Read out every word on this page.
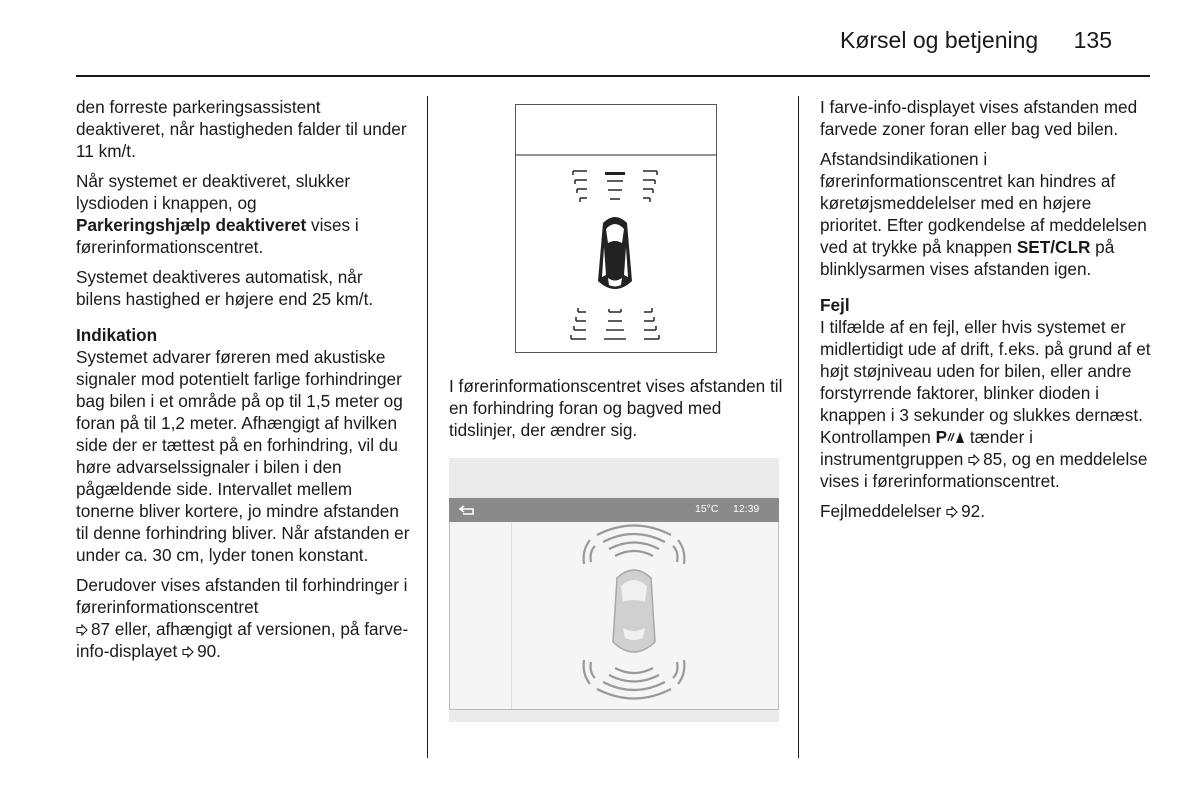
Kørsel og betjening 135

den forreste parkeringsassistent deaktiveret, når hastigheden falder til under 11 km/t.

Når systemet er deaktiveret, slukker lysdioden i knappen, og
Parkeringshjælp deaktiveret vises i førerinformationscentret.

Systemet deaktiveres automatisk, når bilens hastighed er højere end 25 km/t.

Indikation

Systemet advarer føreren med akustiske signaler mod potentielt farlige forhindringer bag bilen i et område på op til 1,5 meter og foran på til 1,2 meter. Afhængigt af hvilken side der er tættest på en forhindring, vil du høre advarselssignaler i bilen i den pågældende side. Intervallet mellem tonerne bliver kortere, jo mindre afstanden til denne forhindring bliver. Når afstanden er under ca. 30 cm, lyder tonen konstant.

Derudover vises afstanden til forhindringer i førerinformationscentret
87 eller, afhængigt af versionen, på farve-info-displayet 90.

I førerinformationscentret vises afstanden til en forhindring foran og bagved med tidslinjer, der ændrer sig.
15°C 12:39

I farve-info-displayet vises afstanden med farvede zoner foran eller bag ved bilen.

Afstandsindikationen i førerinformationscentret kan hindres af køretøjsmeddelelser med en højere prioritet. Efter godkendelse af meddelelsen ved at trykke på knappen SET/CLR på blinklysarmen vises afstanden igen.

Fejl

I tilfælde af en fejl, eller hvis systemet er midlertidigt ude af drift, f.eks. på grund af et højt støjniveau uden for bilen, eller andre forstyrrende faktorer, blinker dioden i knappen i 3 sekunder og slukkes dernæst. Kontrollampen P tænder i instrumentgruppen 85, og en meddelelse vises i førerinformationscentret.

Fejlmeddelelser 92.
